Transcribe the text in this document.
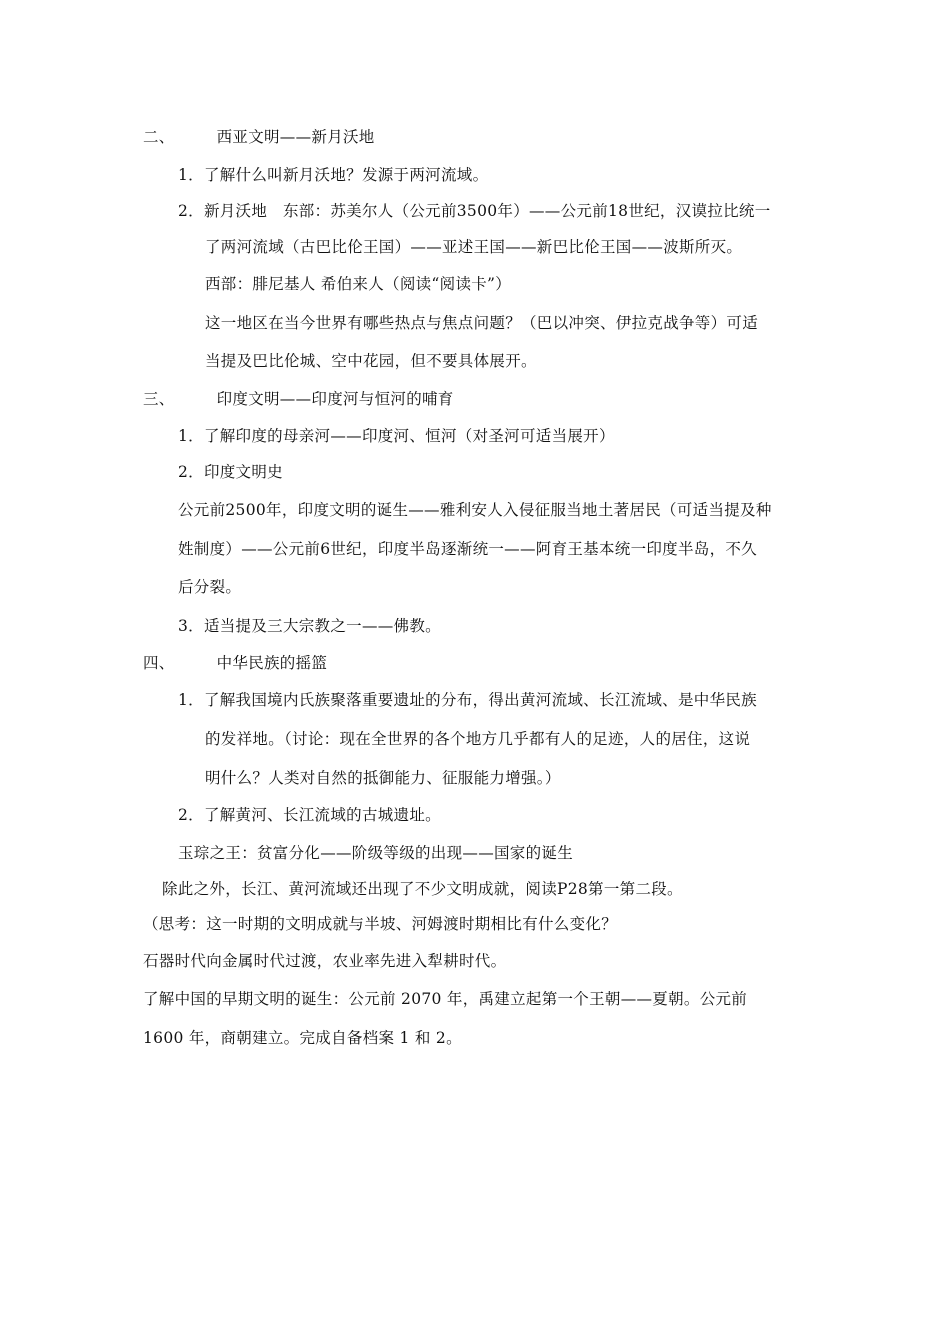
二、	西亚文明——新月沃地
1．了解什么叫新月沃地？发源于两河流域。
2．新月沃地　东部：苏美尔人（公元前3500年）——公元前18世纪，汉谟拉比统一
了两河流域（古巴比伦王国）——亚述王国——新巴比伦王国——波斯所灭。
西部：腓尼基人 希伯来人（阅读“阅读卡”）
这一地区在当今世界有哪些热点与焦点问题？（巴以冲突、伊拉克战争等）可适
当提及巴比伦城、空中花园，但不要具体展开。
三、	印度文明——印度河与恒河的哺育
1．了解印度的母亲河——印度河、恒河（对圣河可适当展开）
2．印度文明史
公元前2500年，印度文明的诞生——雅利安人入侵征服当地土著居民（可适当提及种
姓制度）——公元前6世纪，印度半岛逐渐统一——阿育王基本统一印度半岛，不久
后分裂。
3．适当提及三大宗教之一——佛教。
四、	中华民族的摇篮
1．了解我国境内氏族聚落重要遗址的分布，得出黄河流域、长江流域、是中华民族
的发祥地。（讨论：现在全世界的各个地方几乎都有人的足迹，人的居住，这说
明什么？人类对自然的抵御能力、征服能力增强。）
2．了解黄河、长江流域的古城遗址。
玉琮之王：贫富分化——阶级等级的出现——国家的诞生
除此之外，长江、黄河流域还出现了不少文明成就，阅读P28第一第二段。
（思考：这一时期的文明成就与半坡、河姆渡时期相比有什么变化？
石器时代向金属时代过渡，农业率先进入犁耕时代。
了解中国的早期文明的诞生：公元前 2070 年，禹建立起第一个王朝——夏朝。公元前
1600 年，商朝建立。完成自备档案 1 和 2。
